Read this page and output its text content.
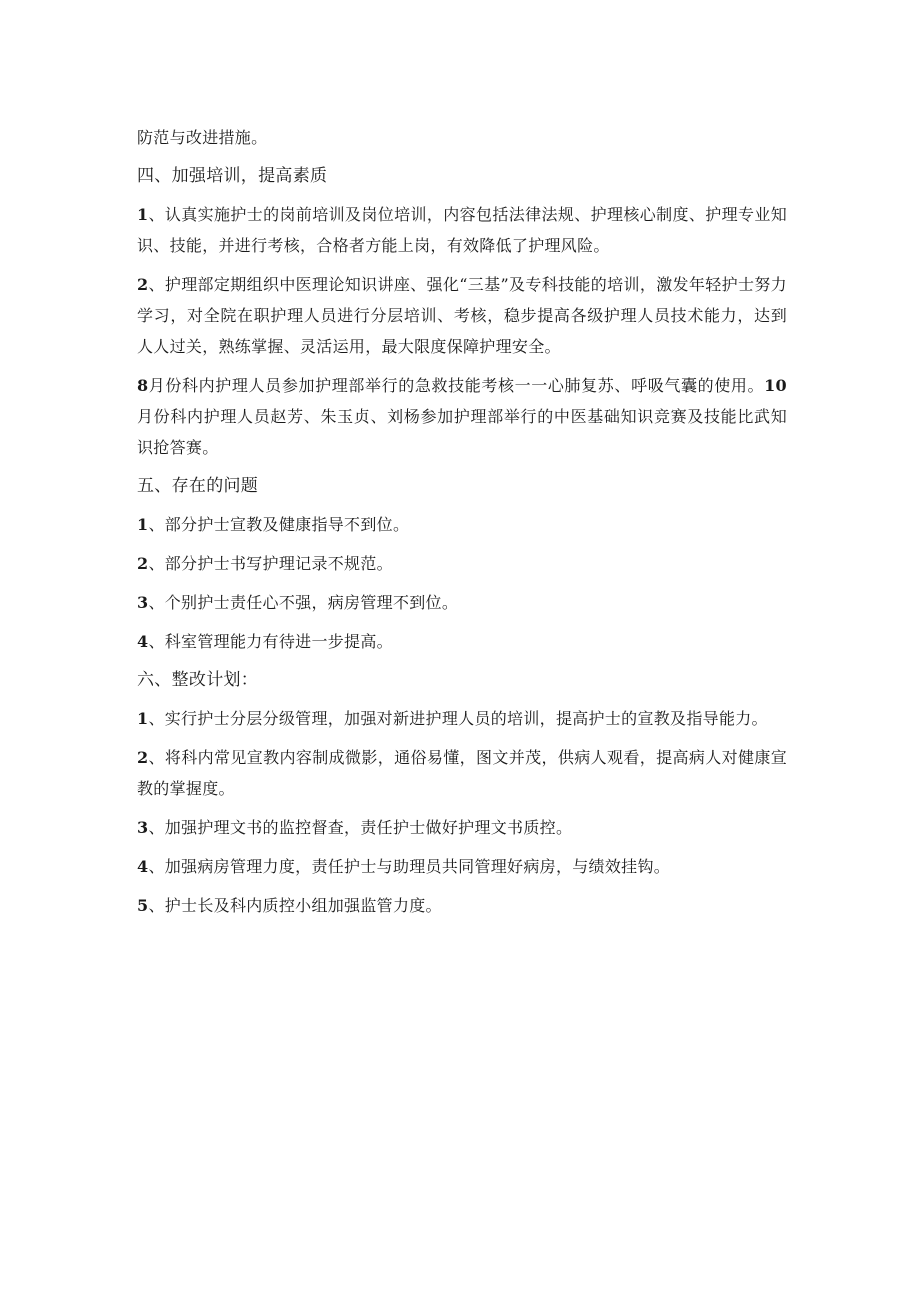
防范与改进措施。

四、加强培训，提高素质

1、认真实施护士的岗前培训及岗位培训，内容包括法律法规、护理核心制度、护理专业知识、技能，并进行考核，合格者方能上岗，有效降低了护理风险。

2、护理部定期组织中医理论知识讲座、强化“三基”及专科技能的培训，激发年轻护士努力学习，对全院在职护理人员进行分层培训、考核，稳步提高各级护理人员技术能力，达到人人过关，熟练掌握、灵活运用，最大限度保障护理安全。

8月份科内护理人员参加护理部举行的急救技能考核一一心肺复苏、呼吸气囊的使用。10月份科内护理人员赵芳、朱玉贞、刘杨参加护理部举行的中医基础知识竞赛及技能比武知识抢答赛。

五、存在的问题

1、部分护士宣教及健康指导不到位。

2、部分护士书写护理记录不规范。

3、个别护士责任心不强，病房管理不到位。

4、科室管理能力有待进一步提高。

六、整改计划：

1、实行护士分层分级管理，加强对新进护理人员的培训，提高护士的宣教及指导能力。

2、将科内常见宣教内容制成微影，通俗易懂，图文并茂，供病人观看，提高病人对健康宣教的掌握度。

3、加强护理文书的监控督查，责任护士做好护理文书质控。

4、加强病房管理力度，责任护士与助理员共同管理好病房，与绩效挂钩。

5、护士长及科内质控小组加强监管力度。
